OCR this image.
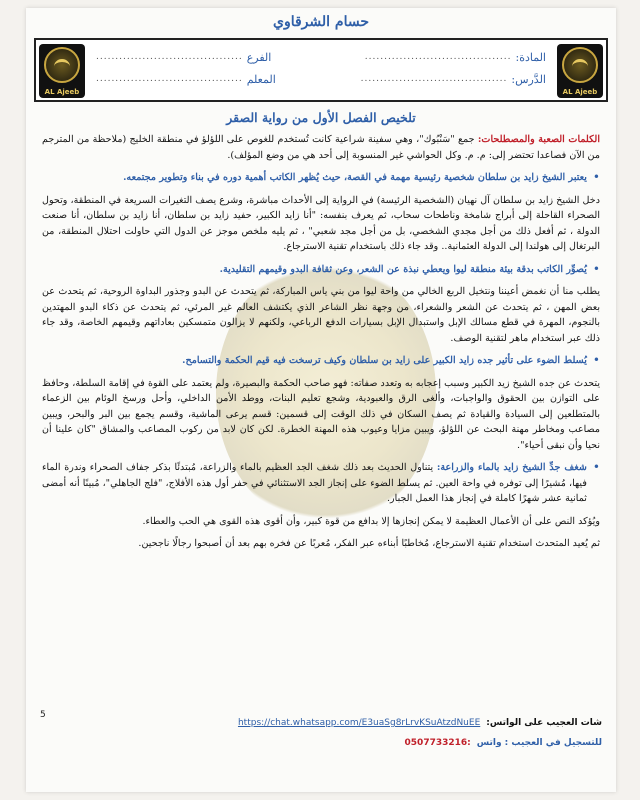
حسام الشرقاوي
AL Ajeeb	AL Ajeeb
المادة:
......................................
الفرع
......................................
الدَّرس:
......................................
المعلم
......................................
تلخيص الفصل الأول من رواية الصقر

الكلمات الصعبة والمصطلحات: جمع "سَنْبُوك"، وهي سفينة شراعية كانت تُستخدم للغوص على اللؤلؤ في منطقة الخليج (ملاحظة من المترجم من الآن فصاعدا تحتضر إلى: م. م. وكل الحواشي غير المنسوبة إلى أحد هي من وضع المؤلف).

•
يعتبر الشيخ زايد بن سلطان شخصية رئيسية مهمة في القصة، حيث يُظهر الكاتب أهمية دوره في بناء وتطوير مجتمعه.

دخل الشيخ زايد بن سلطان آل نهيان (الشخصية الرئيسة) في الرواية إلى الأحداث مباشرة، وشرع يصف التغيرات السريعة في المنطقة، وتحول الصحراء القاحلة إلى أبراج شامخة وناطحات سحاب، ثم يعرف بنفسه: "أنا زايد الكبير، حفيد زايد بن سلطان، أنا زايد بن سلطان، أنا صنعت الدولة ، ثم أفعل ذلك من أجل مجدي الشخصي، بل من أجل مجد شعبي" ، ثم يليه ملخص موجز عن الدول التي حاولت احتلال المنطقة، من البرتغال إلى هولندا إلى الدولة العثمانية.. وقد جاء ذلك باستخدام تقنية الاسترجاع.

•
يُصوِّر الكاتب بدقة بيئة منطقة ليوا ويعطي نبذة عن الشعر، وعن ثقافة البدو وقيمهم التقليدية.

يطلب منا أن نغمض أعيننا ونتخيل الربع الخالي من واحة ليوا من بني ياس المباركة، ثم يتحدث عن البدو وجذور البداوة الروحية، ثم يتحدث عن بعض المهن ، ثم يتحدث عن الشعر والشعراء، من وجهة نظر الشاعر الذي يكتشف العالم غير المرئي، ثم يتحدث عن ذكاء البدو المهتدين بالنجوم، المهرة في قطع مسالك الإبل واستبدال الإبل بسيارات الدفع الرباعي، ولكنهم لا يزالون متمسكين بعاداتهم وقيمهم الخاصة، وقد جاء ذلك عبر استخدام ماهر لتقنية الوصف.

•
يُسلط الضوء على تأثير جده زايد الكبير على زايد بن سلطان وكيف ترسخت فيه قيم الحكمة والتسامح.

يتحدث عن جده الشيخ زيد الكبير وسبب إعجابه به وتعدد صفاته: فهو صاحب الحكمة والبصيرة، ولم يعتمد على القوة في إقامة السلطة، وحافظ على التوازن بين الحقوق والواجبات، وألغى الرق والعبودية، وشجع تعليم البنات، ووطد الأمن الداخلي، وأحل ورسخ الوئام بين الزعماء بالمتطلعين إلى السيادة والقيادة ثم يصف السكان في ذلك الوقت إلى قسمين: قسم يرعى الماشية، وقسم يجمع بين البر والبحر، ويبين مصاعب ومخاطر مهنة البحث عن اللؤلؤ، ويبين مزايا وعيوب هذه المهنة الخطرة. لكن كان لابد من ركوب المصاعب والمشاق "كان علينا أن نحيا وأن نبقى أحياء".

•
شغف جدِّ الشيخ زايد بالماء والزراعة: يتناول الحديث بعد ذلك شغف الجد العظيم بالماء والزراعة، مُبتدئًا بذكر جفاف الصحراء وندرة الماء فيها، مُشيرًا إلى توفره في واحة العين. ثم يسلط الضوء على إنجاز الجد الاستثنائي في حفر أول هذه الأفلاج، "فلج الجاهلي"، مُبينًا أنه أمضى ثمانية عشر شهرًا كاملة في إنجاز هذا العمل الجبار.

ويُؤكد النص على أن الأعمال العظيمة لا يمكن إنجازها إلا بدافع من قوة كبير، وأن أقوى هذه القوى هي الحب والعطاء.

ثم يُعيد المتحدث استخدام تقنية الاسترجاع، مُخاطبًا أبناءه عبر الفكر، مُعربًا عن فخره بهم بعد أن أصبحوا رجالًا ناجحين.

5
شات العجيب على الواتس:
https://chat.whatsapp.com/E3uaSg8rLrvKSuAtzdNuEE
للتسجيل في العجيب : واتس
0507733216:
